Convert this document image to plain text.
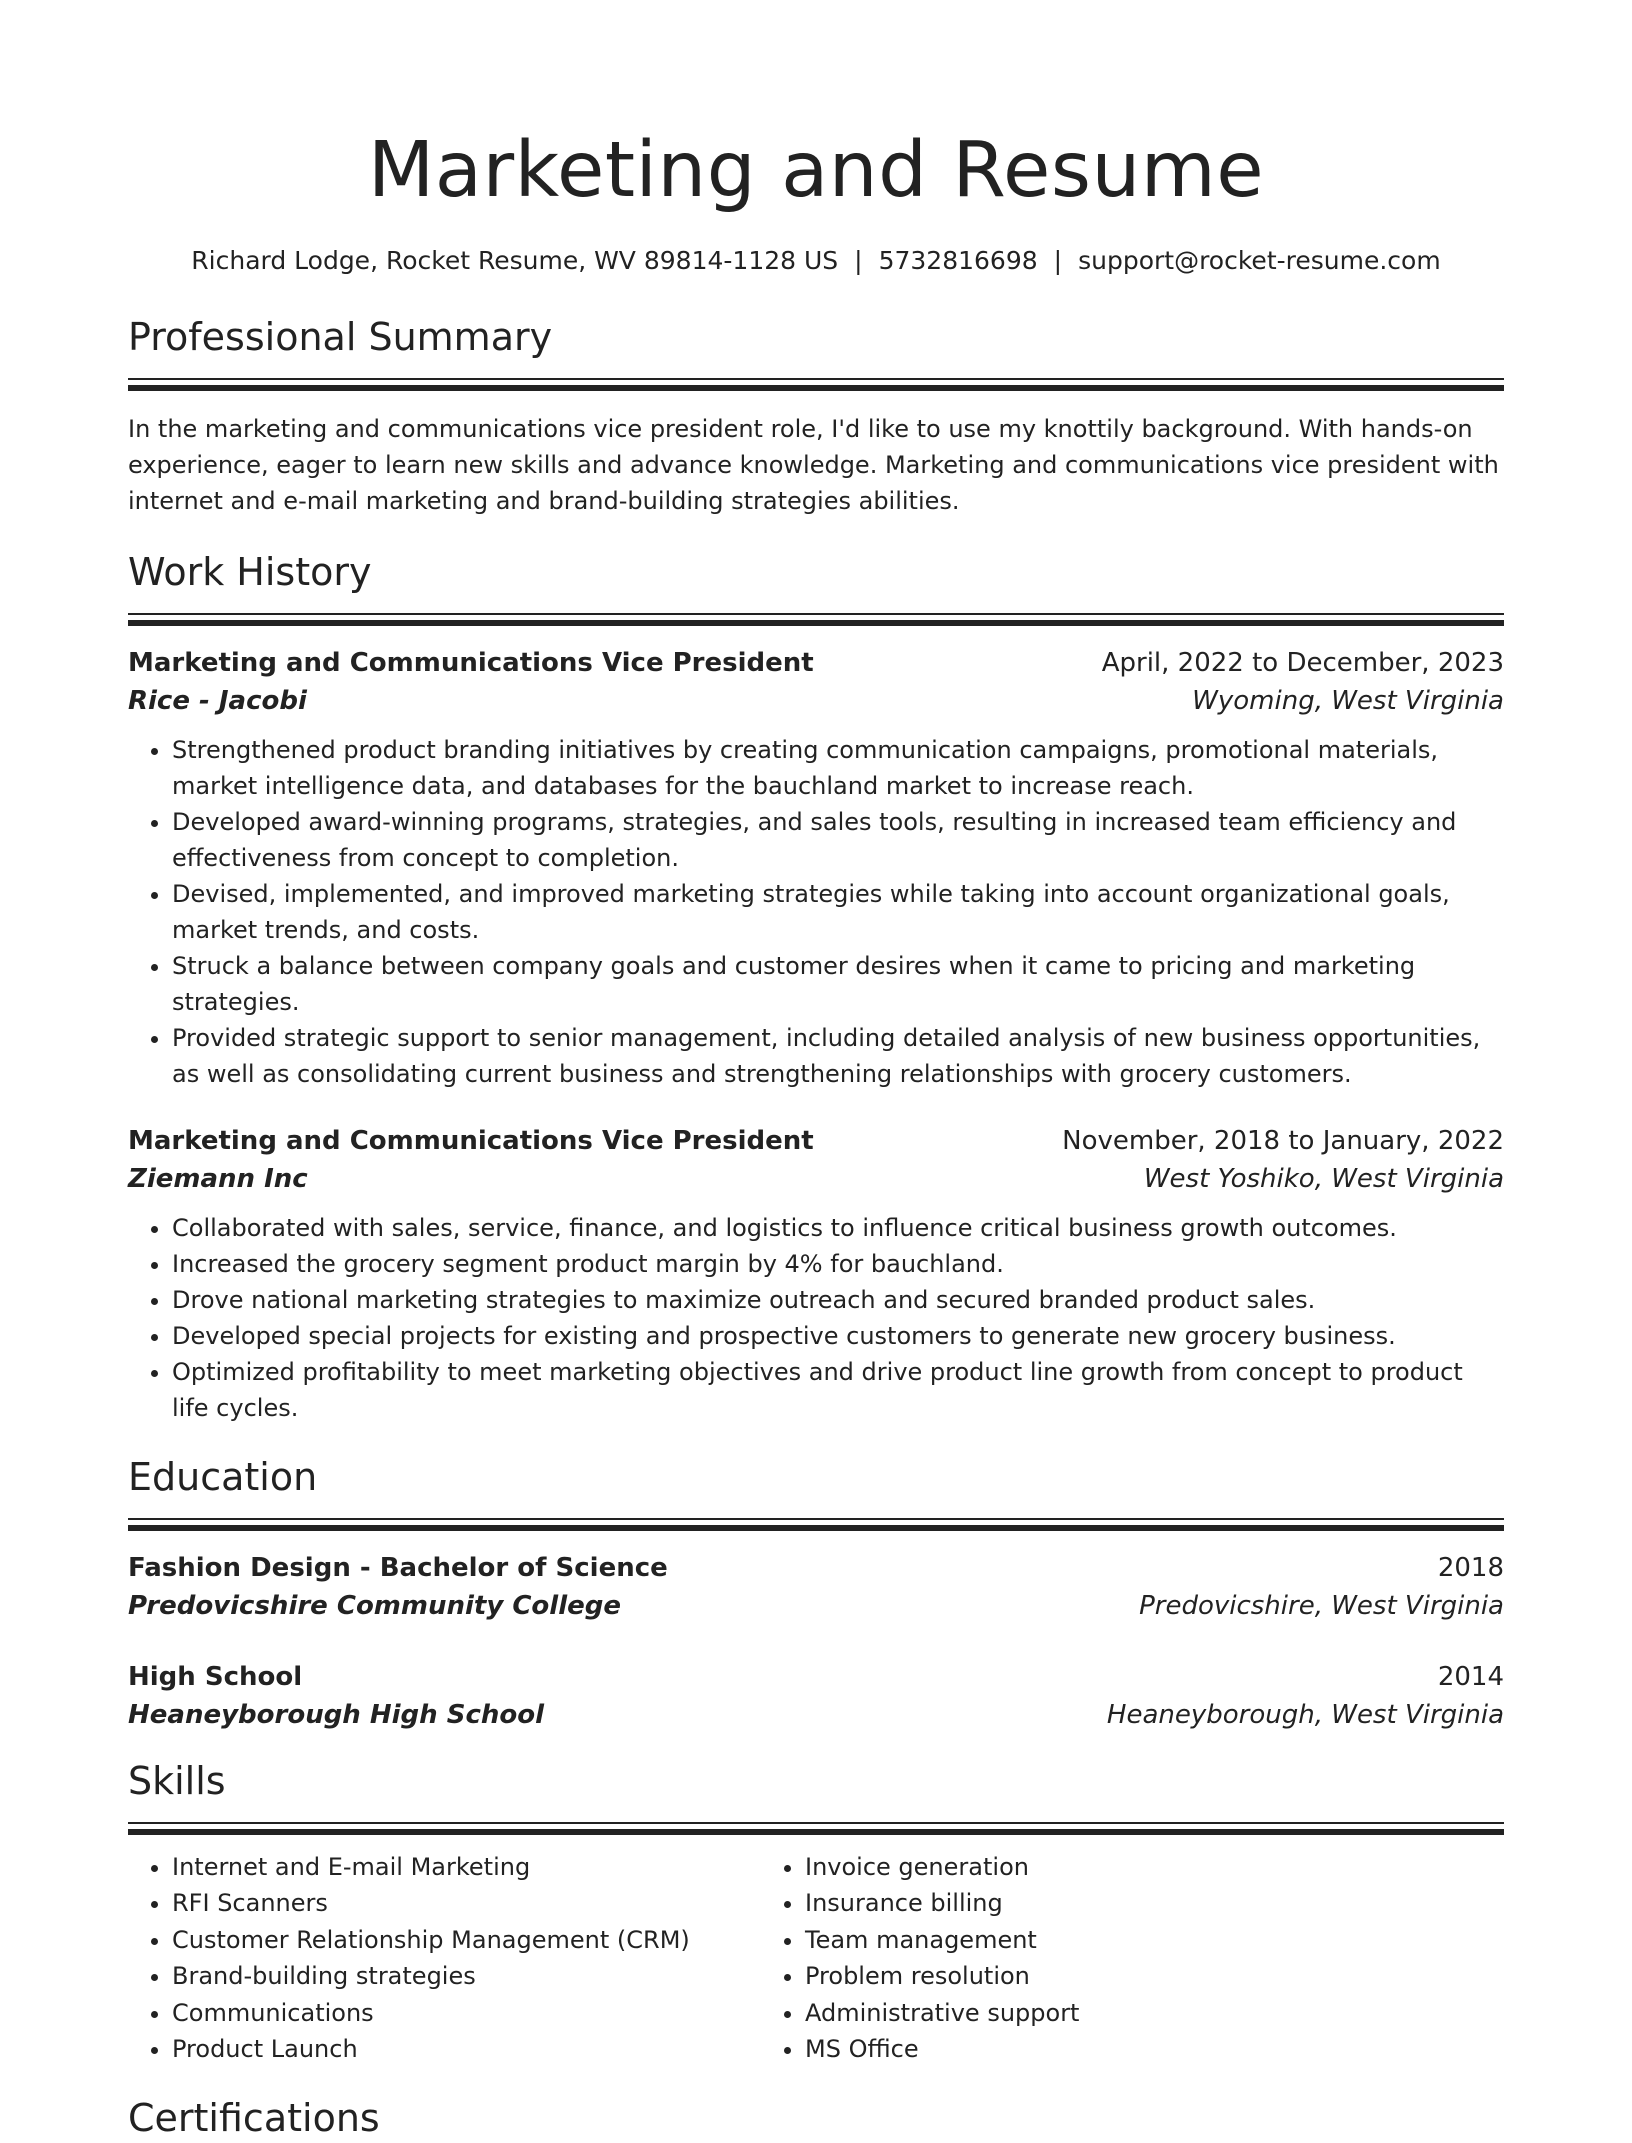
Marketing and Resume
Richard Lodge, Rocket Resume, WV 89814-1128 US | 5732816698 | support@rocket-resume.com
Professional Summary
In the marketing and communications vice president role, I'd like to use my knottily background. With hands-on experience, eager to learn new skills and advance knowledge. Marketing and communications vice president with internet and e-mail marketing and brand-building strategies abilities.
Work History
Marketing and Communications Vice President	April, 2022 to December, 2023
Rice - Jacobi	Wyoming, West Virginia
• Strengthened product branding initiatives by creating communication campaigns, promotional materials, market intelligence data, and databases for the bauchland market to increase reach.
• Developed award-winning programs, strategies, and sales tools, resulting in increased team efficiency and effectiveness from concept to completion.
• Devised, implemented, and improved marketing strategies while taking into account organizational goals, market trends, and costs.
• Struck a balance between company goals and customer desires when it came to pricing and marketing strategies.
• Provided strategic support to senior management, including detailed analysis of new business opportunities, as well as consolidating current business and strengthening relationships with grocery customers.
Marketing and Communications Vice President	November, 2018 to January, 2022
Ziemann Inc	West Yoshiko, West Virginia
• Collaborated with sales, service, finance, and logistics to influence critical business growth outcomes.
• Increased the grocery segment product margin by 4% for bauchland.
• Drove national marketing strategies to maximize outreach and secured branded product sales.
• Developed special projects for existing and prospective customers to generate new grocery business.
• Optimized profitability to meet marketing objectives and drive product line growth from concept to product life cycles.
Education
Fashion Design - Bachelor of Science	2018
Predovicshire Community College	Predovicshire, West Virginia
High School	2014
Heaneyborough High School	Heaneyborough, West Virginia
Skills
• Internet and E-mail Marketing
• RFI Scanners
• Customer Relationship Management (CRM)
• Brand-building strategies
• Communications
• Product Launch
• Invoice generation
• Insurance billing
• Team management
• Problem resolution
• Administrative support
• MS Office
Certifications
